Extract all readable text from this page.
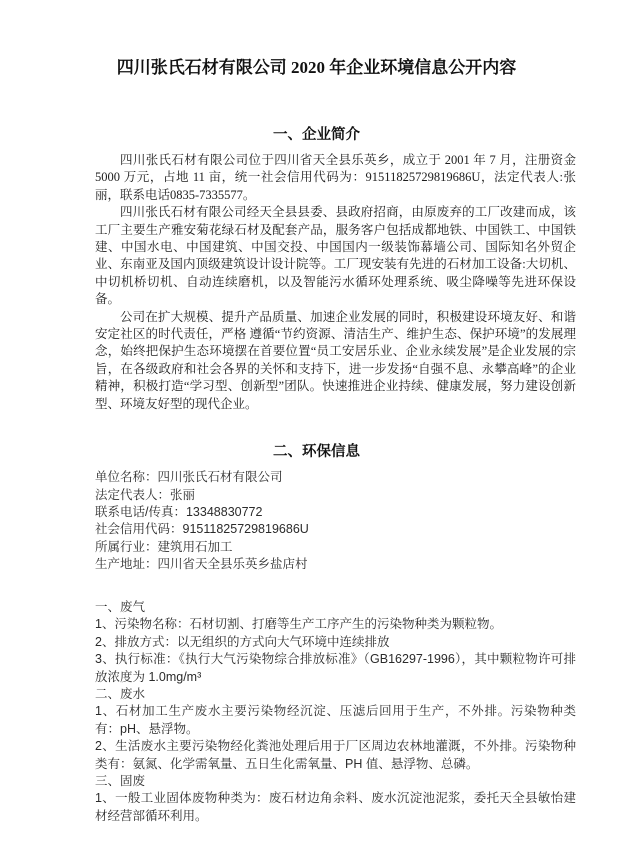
四川张氏石材有限公司 2020 年企业环境信息公开内容
一、企业简介

四川张氏石材有限公司位于四川省天全县乐英乡，成立于 2001 年 7 月，注册资金 5000 万元，占地 11 亩，统一社会信用代码为：91511825729819686U，法定代表人:张丽，联系电话0835-7335577。

四川张氏石材有限公司经天全县县委、县政府招商，由原废弃的工厂改建而成，该工厂主要生产雅安菊花绿石材及配套产品，服务客户包括成都地铁、中国铁工、中国铁建、中国水电、中国建筑、中国交投、中国国内一级装饰幕墙公司、国际知名外贸企业、东南亚及国内顶级建筑设计设计院等。工厂现安装有先进的石材加工设备:大切机、中切机桥切机、自动连续磨机，以及智能污水循环处理系统、吸尘降噪等先进环保设备。

公司在扩大规模、提升产品质量、加速企业发展的同时，积极建设环境友好、和谐安定社区的时代责任，严格 遵循“节约资源、清洁生产、维护生态、保护环境”的发展理念，始终把保护生态环境摆在首要位置“员工安居乐业、企业永续发展”是企业发展的宗旨，在各级政府和社会各界的关怀和支持下，进一步发扬“自强不息、永攀高峰”的企业精神，积极打造“学习型、创新型”团队。快速推进企业持续、健康发展，努力建设创新型、环境友好型的现代企业。

二、环保信息

单位名称：四川张氏石材有限公司

法定代表人：张丽

联系电话/传真：13348830772

社会信用代码：91511825729819686U

所属行业：建筑用石加工

生产地址：四川省天全县乐英乡盐店村

一、废气

1、污染物名称：石材切割、打磨等生产工序产生的污染物种类为颗粒物。

2、排放方式：以无组织的方式向大气环境中连续排放

3、执行标准：《执行大气污染物综合排放标准》（GB16297-1996），其中颗粒物许可排放浓度为 1.0mg/m³

二、废水

1、石材加工生产废水主要污染物经沉淀、压滤后回用于生产，不外排。污染物种类有：pH、悬浮物。

2、生活废水主要污染物经化粪池处理后用于厂区周边农林地灌溉，不外排。污染物种类有：氨氮、化学需氧量、五日生化需氧量、PH 值、悬浮物、总磷。

三、固废

1、一般工业固体废物种类为：废石材边角余料、废水沉淀池泥浆，委托天全县敏怡建材经营部循环利用。
